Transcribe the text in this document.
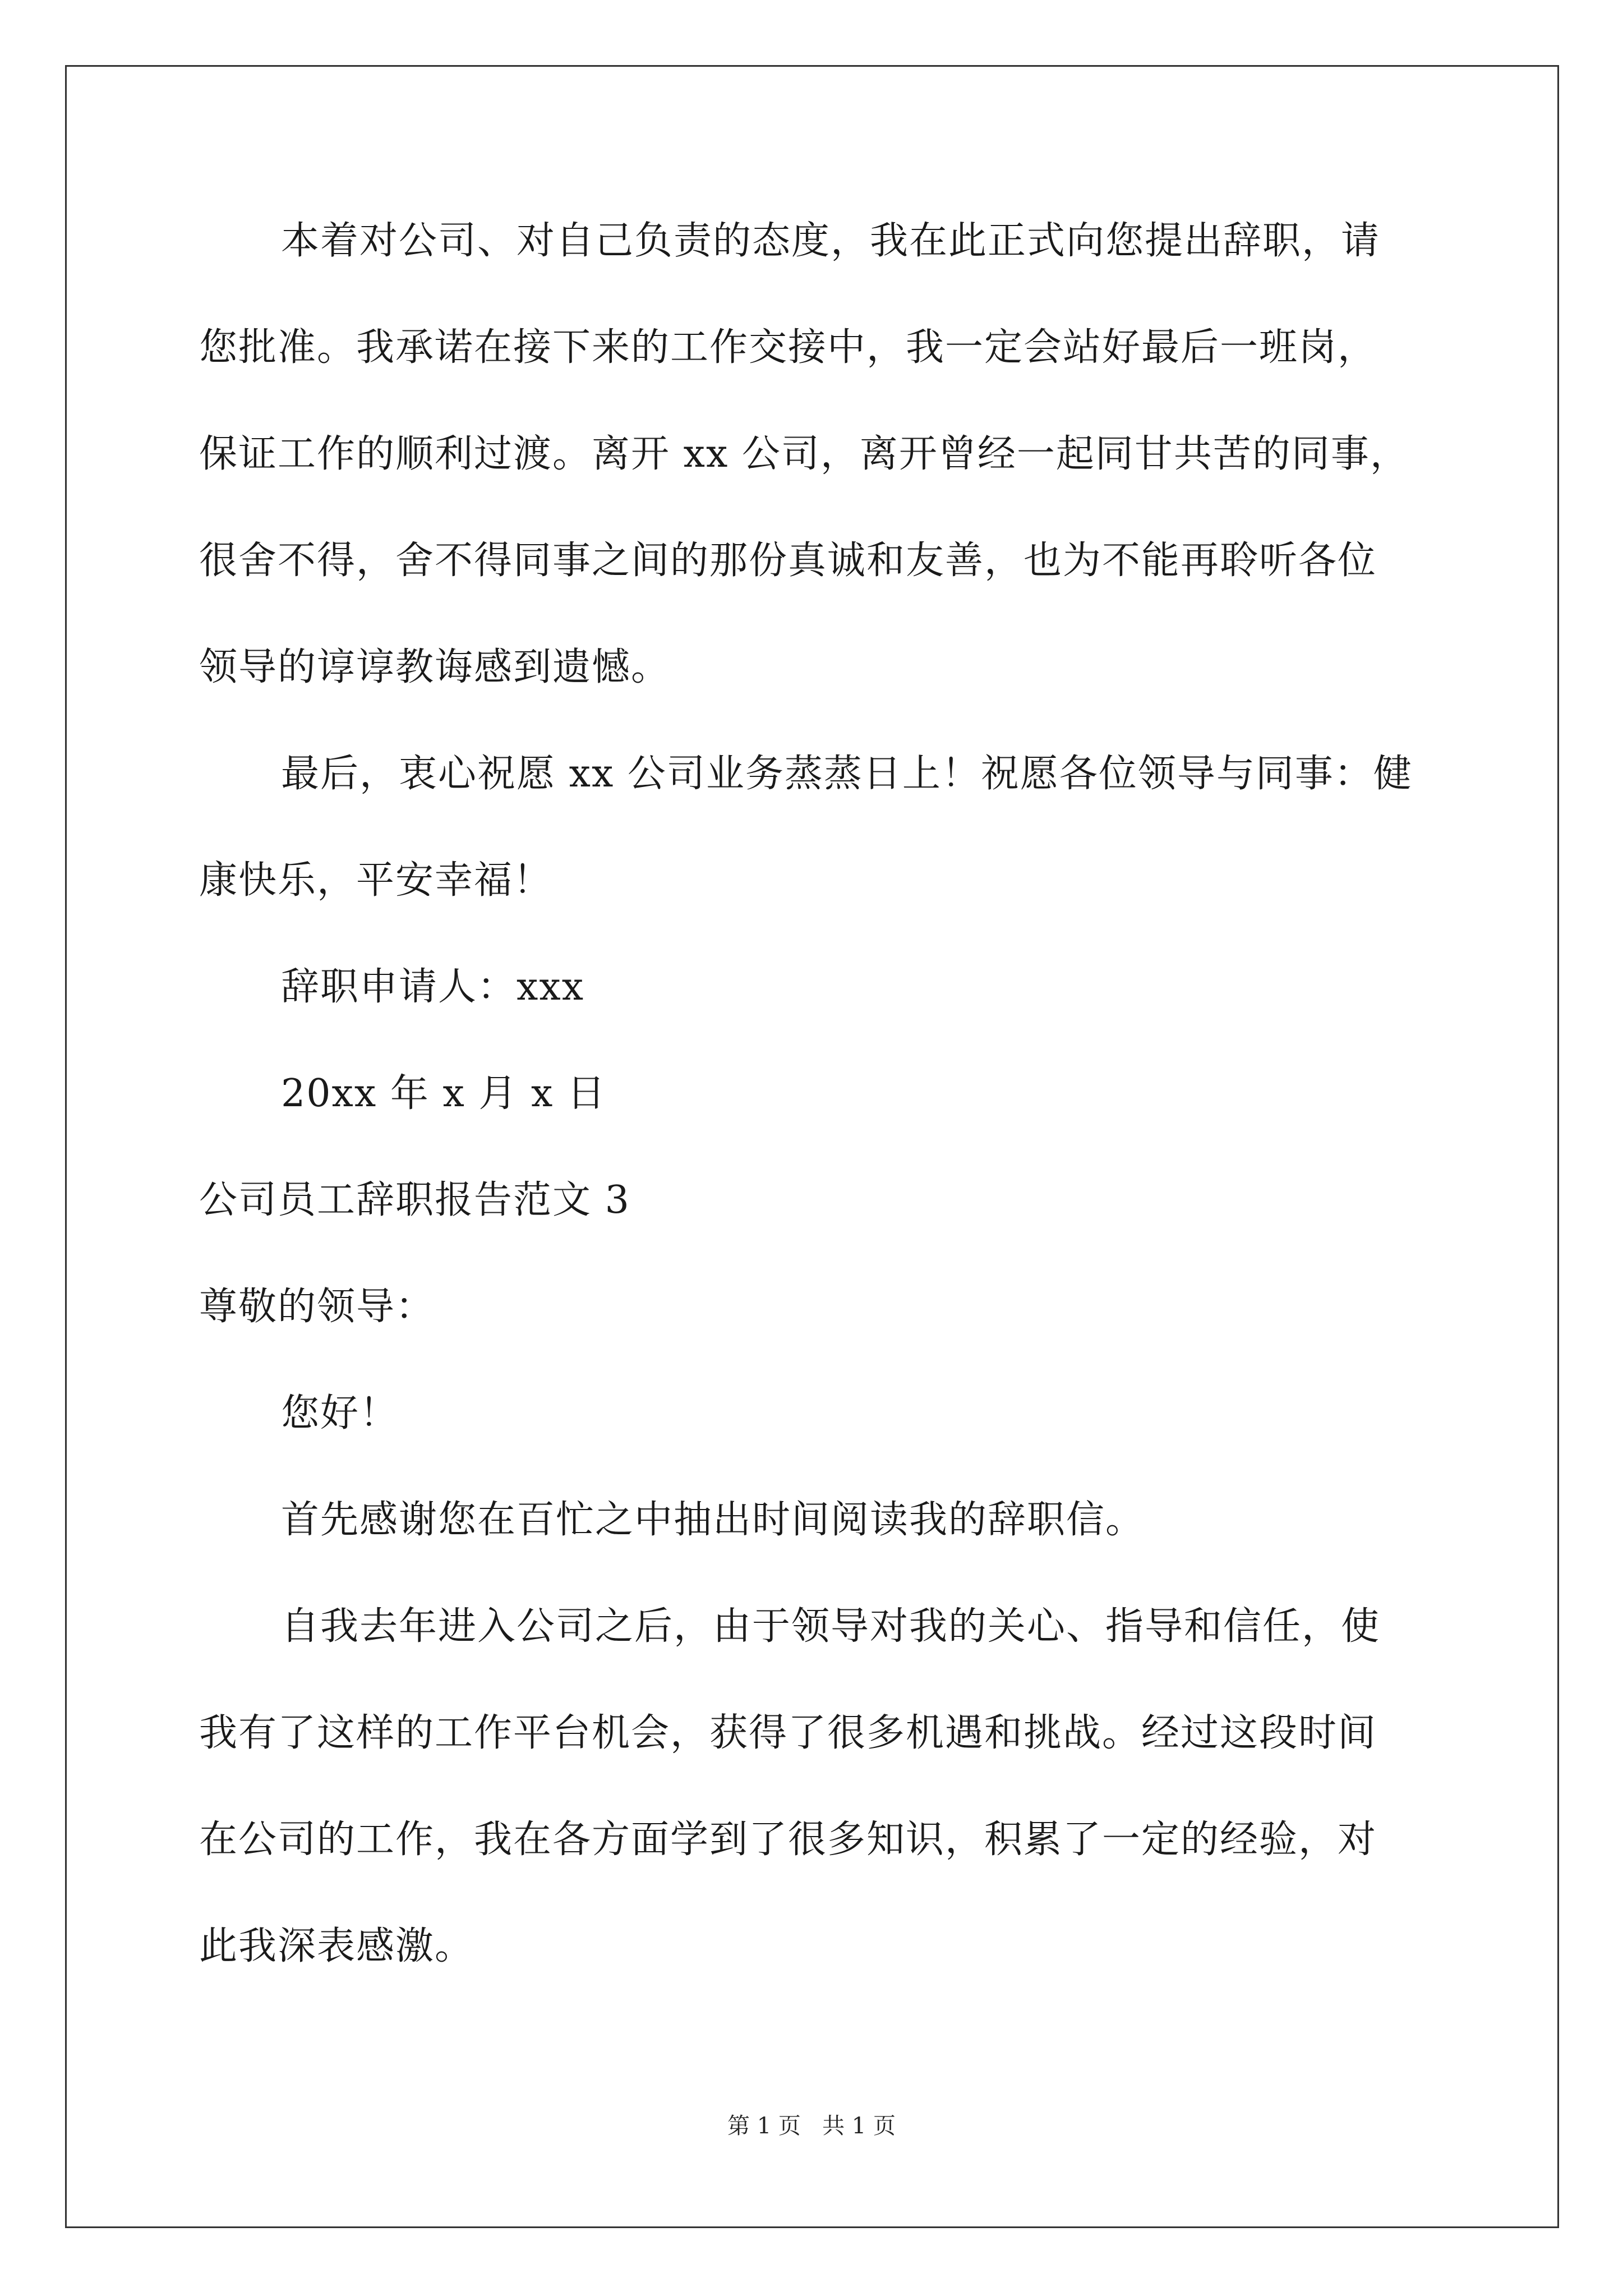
本着对公司、对自己负责的态度，我在此正式向您提出辞职，请
您批准。我承诺在接下来的工作交接中，我一定会站好最后一班岗，
保证工作的顺利过渡。离开 xx 公司，离开曾经一起同甘共苦的同事，
很舍不得，舍不得同事之间的那份真诚和友善，也为不能再聆听各位
领导的谆谆教诲感到遗憾。
最后，衷心祝愿 xx 公司业务蒸蒸日上！祝愿各位领导与同事：健
康快乐，平安幸福！
辞职申请人：xxx
20xx 年 x 月 x 日
公司员工辞职报告范文 3
尊敬的领导：
您好！
首先感谢您在百忙之中抽出时间阅读我的辞职信。
自我去年进入公司之后，由于领导对我的关心、指导和信任，使
我有了这样的工作平台机会，获得了很多机遇和挑战。经过这段时间
在公司的工作，我在各方面学到了很多知识，积累了一定的经验，对
此我深表感激。
第 1 页   共 1 页
